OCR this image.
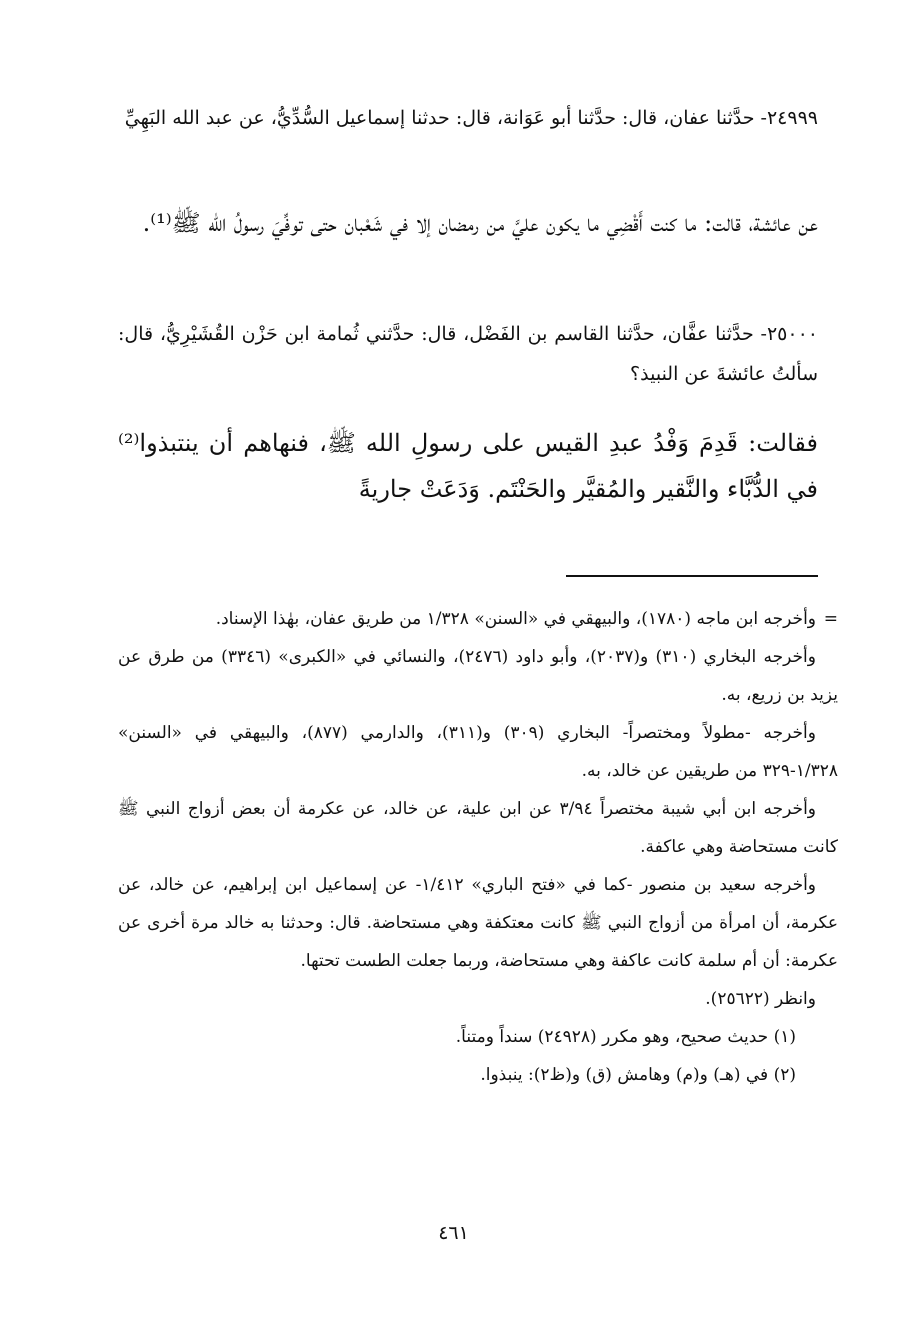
٢٤٩٩٩- حدَّثنا عفان، قال: حدَّثنا أبو عَوَانة، قال: حدثنا إسماعيل السُّدِّيُّ، عن عبد الله البَهِيِّ

عن عائشة، قالت: ما كنت أَقْضِي ما يكون عليَّ من رمضان إلا في شَعْبان حتى توفِّيَ رسولُ الله ﷺ⁽¹⁾.

٢٥٠٠٠- حدَّثنا عفَّان، حدَّثنا القاسم بن الفَضْل، قال: حدَّثني ثُمامة ابن حَزْن القُشَيْرِيُّ، قال: سألتُ عائشةَ عن النبيذ؟

فقالت: قَدِمَ وَفْدُ عبدِ القيس على رسولِ الله ﷺ، فنهاهم أن ينتبذوا⁽²⁾ في الدُّبَّاء والنَّقير والمُقيَّر والحَنْتَم. وَدَعَتْ جاريةً

=وأخرجه ابن ماجه (١٧٨٠)، والبيهقي في «السنن» ١/٣٢٨ من طريق عفان، بهٰذا الإسناد.

وأخرجه البخاري (٣١٠) و(٢٠٣٧)، وأبو داود (٢٤٧٦)، والنسائي في «الكبرى» (٣٣٤٦) من طرق عن يزيد بن زريع، به.

وأخرجه -مطولاً ومختصراً- البخاري (٣٠٩) و(٣١١)، والدارمي (٨٧٧)، والبيهقي في «السنن» ١/٣٢٨-٣٢٩ من طريقين عن خالد، به.

وأخرجه ابن أبي شيبة مختصراً ٣/٩٤ عن ابن علية، عن خالد، عن عكرمة أن بعض أزواج النبي ﷺ كانت مستحاضة وهي عاكفة.

وأخرجه سعيد بن منصور -كما في «فتح الباري» ١/٤١٢- عن إسماعيل ابن إبراهيم، عن خالد، عن عكرمة، أن امرأة من أزواج النبي ﷺ كانت معتكفة وهي مستحاضة. قال: وحدثنا به خالد مرة أخرى عن عكرمة: أن أم سلمة كانت عاكفة وهي مستحاضة، وربما جعلت الطست تحتها.

وانظر (٢٥٦٢٢).

(١) حديث صحيح، وهو مكرر (٢٤٩٢٨) سنداً ومتناً.

(٢) في (هـ) و(م) وهامش (ق) و(ظ٢): ينبذوا.

٤٦١
